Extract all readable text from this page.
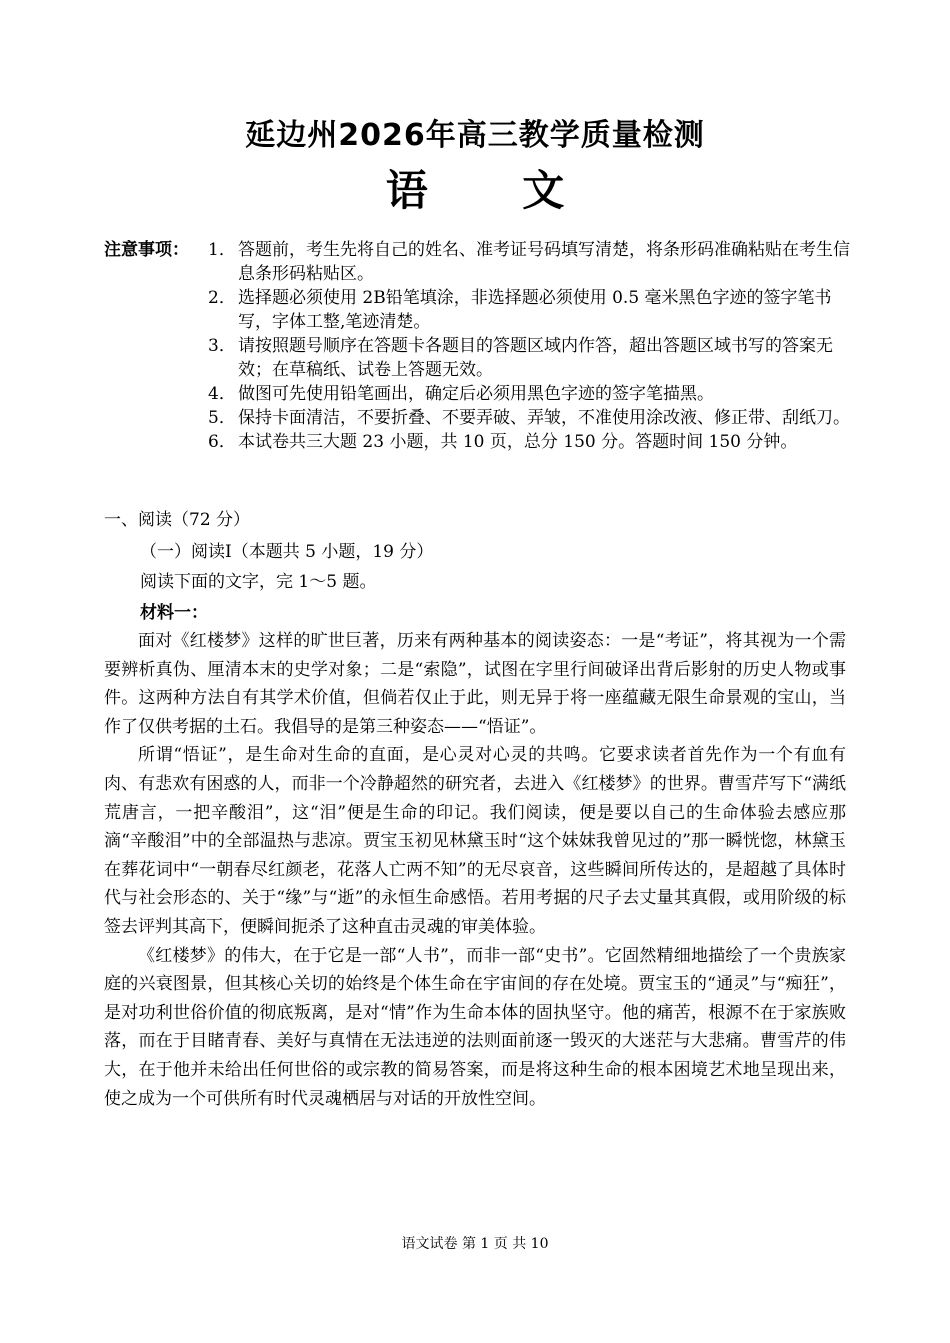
延边州2026年高三教学质量检测
语 文
注意事项： 1． 答题前，考生先将自己的姓名、准考证号码填写清楚，将条形码准确粘贴在考生信息条形码粘贴区。
2． 选择题必须使用 2B铅笔填涂，非选择题必须使用 0.5 毫米黑色字迹的签字笔书写，字体工整,笔迹清楚。
3． 请按照题号顺序在答题卡各题目的答题区域内作答，超出答题区域书写的答案无效；在草稿纸、试卷上答题无效。
4． 做图可先使用铅笔画出，确定后必须用黑色字迹的签字笔描黑。
5． 保持卡面清洁，不要折叠、不要弄破、弄皱，不准使用涂改液、修正带、刮纸刀。
6． 本试卷共三大题 23 小题，共 10 页，总分 150 分。答题时间 150 分钟。
一、阅读（72 分）
（一）阅读Ⅰ（本题共 5 小题，19 分）
阅读下面的文字，完 1～5 题。
材料一：

面对《红楼梦》这样的旷世巨著，历来有两种基本的阅读姿态：一是“考证”，将其视为一个需要辨析真伪、厘清本末的史学对象；二是“索隐”，试图在字里行间破译出背后影射的历史人物或事件。这两种方法自有其学术价值，但倘若仅止于此，则无异于将一座蕴藏无限生命景观的宝山，当作了仅供考据的土石。我倡导的是第三种姿态——“悟证”。

所谓“悟证”，是生命对生命的直面，是心灵对心灵的共鸣。它要求读者首先作为一个有血有肉、有悲欢有困惑的人，而非一个冷静超然的研究者，去进入《红楼梦》的世界。曹雪芹写下“满纸荒唐言，一把辛酸泪”，这“泪”便是生命的印记。我们阅读，便是要以自己的生命体验去感应那滴“辛酸泪”中的全部温热与悲凉。贾宝玉初见林黛玉时“这个妹妹我曾见过的”那一瞬恍惚，林黛玉在葬花词中“一朝春尽红颜老，花落人亡两不知”的无尽哀音，这些瞬间所传达的，是超越了具体时代与社会形态的、关于“缘”与“逝”的永恒生命感悟。若用考据的尺子去丈量其真假，或用阶级的标签去评判其高下，便瞬间扼杀了这种直击灵魂的审美体验。

《红楼梦》的伟大，在于它是一部“人书”，而非一部“史书”。它固然精细地描绘了一个贵族家庭的兴衰图景，但其核心关切的始终是个体生命在宇宙间的存在处境。贾宝玉的“通灵”与“痴狂”，是对功利世俗价值的彻底叛离，是对“情”作为生命本体的固执坚守。他的痛苦，根源不在于家族败落，而在于目睹青春、美好与真情在无法违逆的法则面前逐一毁灭的大迷茫与大悲痛。曹雪芹的伟大，在于他并未给出任何世俗的或宗教的简易答案，而是将这种生命的根本困境艺术地呈现出来，使之成为一个可供所有时代灵魂栖居与对话的开放性空间。

语文试卷 第 1 页 共 10
